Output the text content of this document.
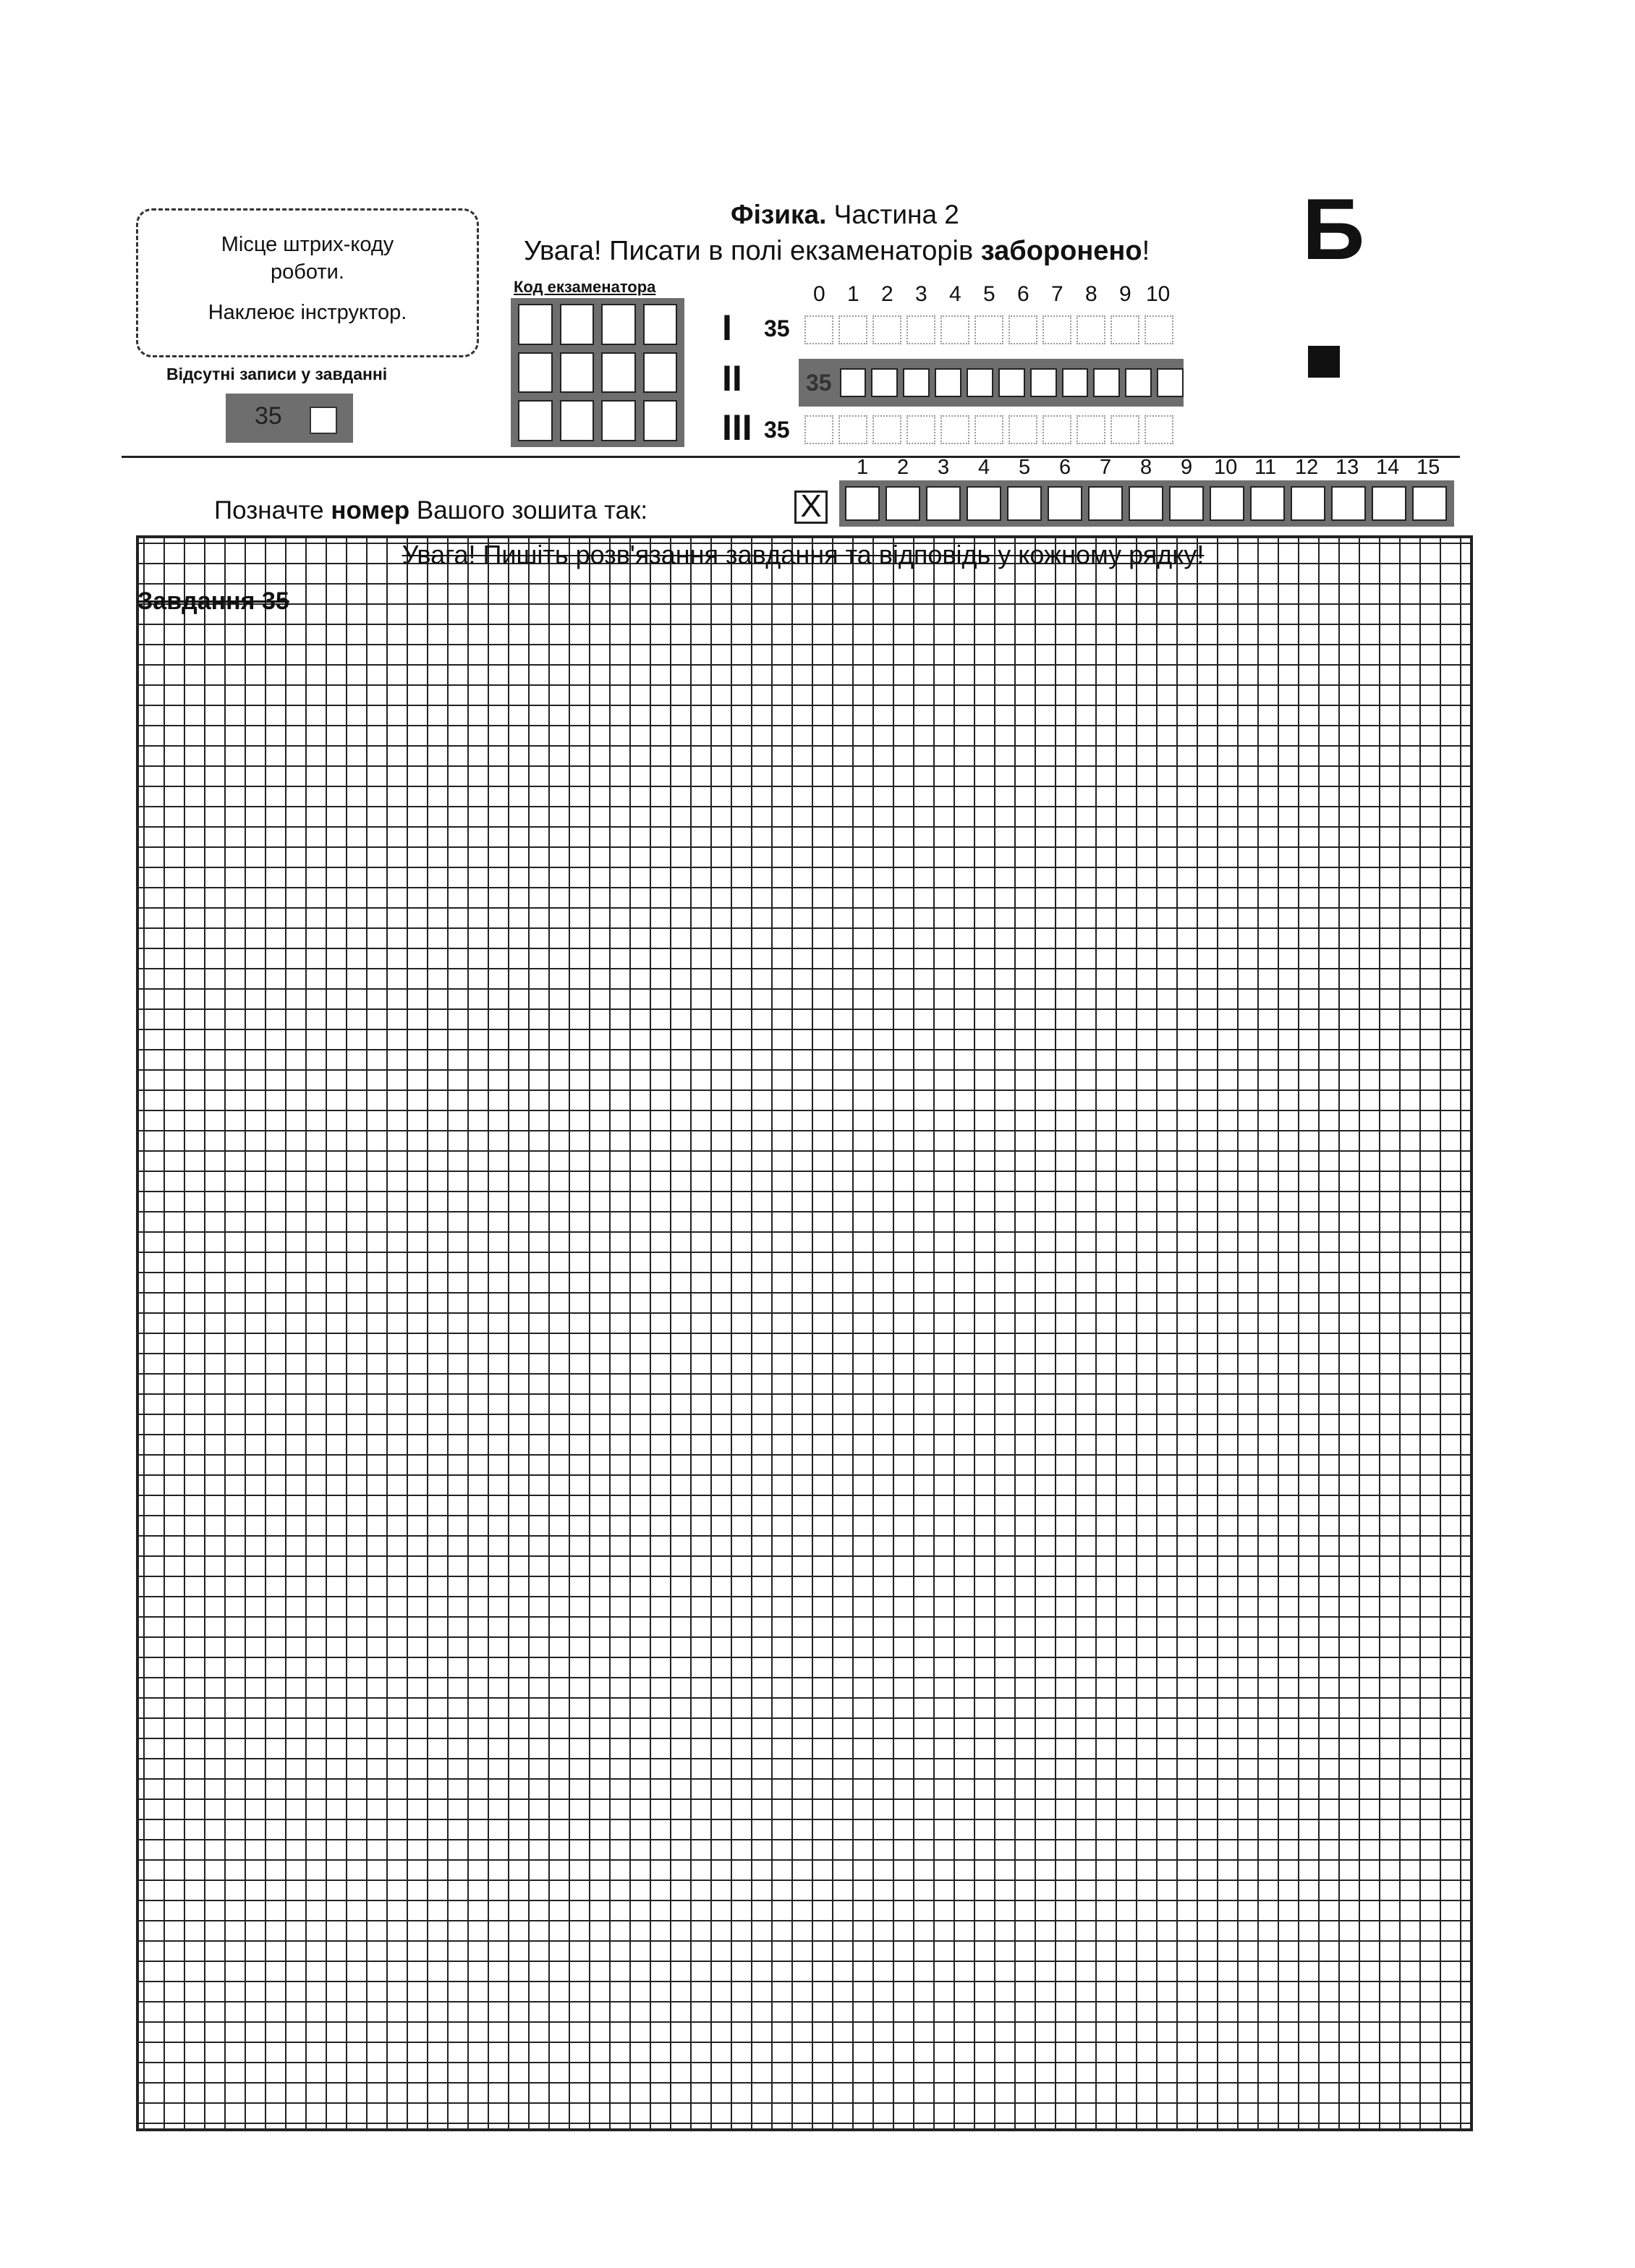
Місце штрих-коду

роботи.

Наклеює інструктор.

Відсутні записи у завданні
35
Код екзаменатора
Фізика. Частина 2
Увага! Писати в полі екзаменаторів заборонено! Б
0 1 2 3 4 5 6 7 8 9 10
I 35
II	35
III 35
1 2 3 4 5 6 7 8 9 10 11 12 13 14 15
Позначте номер Вашого зошита так:	X
Увага! Пишіть розв'язання завдання та відповідь у кожному рядку!
Завдання 35
